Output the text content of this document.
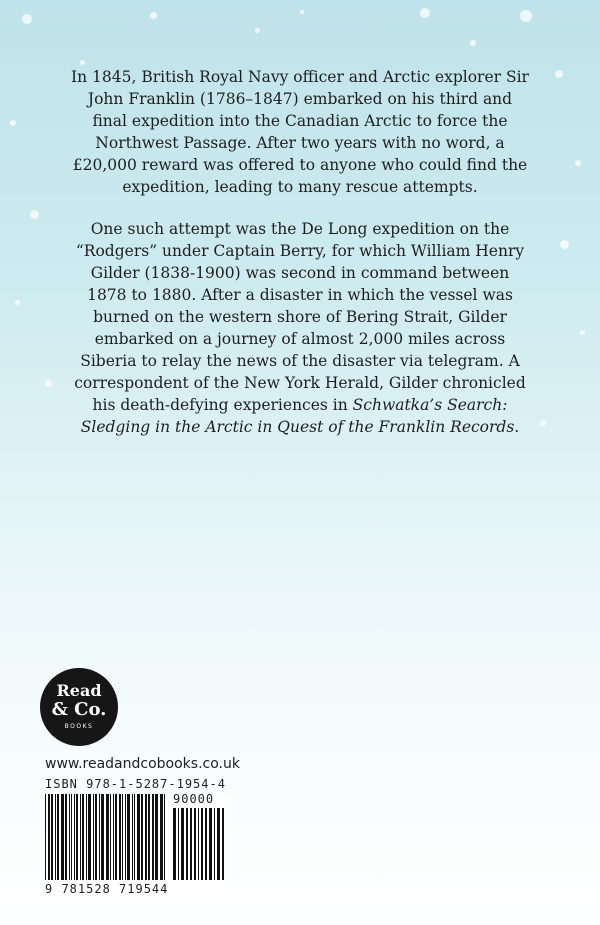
In 1845, British Royal Navy officer and Arctic explorer Sir John Franklin (1786–1847) embarked on his third and final expedition into the Canadian Arctic to force the Northwest Passage. After two years with no word, a £20,000 reward was offered to anyone who could find the expedition, leading to many rescue attempts.

One such attempt was the De Long expedition on the “Rodgers” under Captain Berry, for which William Henry Gilder (1838-1900) was second in command between 1878 to 1880. After a disaster in which the vessel was burned on the western shore of Bering Strait, Gilder embarked on a journey of almost 2,000 miles across Siberia to relay the news of the disaster via telegram. A correspondent of the New York Herald, Gilder chronicled his death-defying experiences in Schwatka’s Search: Sledging in the Arctic in Quest of the Franklin Records.

Read
& Co.
BOOKS
www.readandcobooks.co.uk
ISBN 978-1-5287-1954-4
90000
9 781528 719544
